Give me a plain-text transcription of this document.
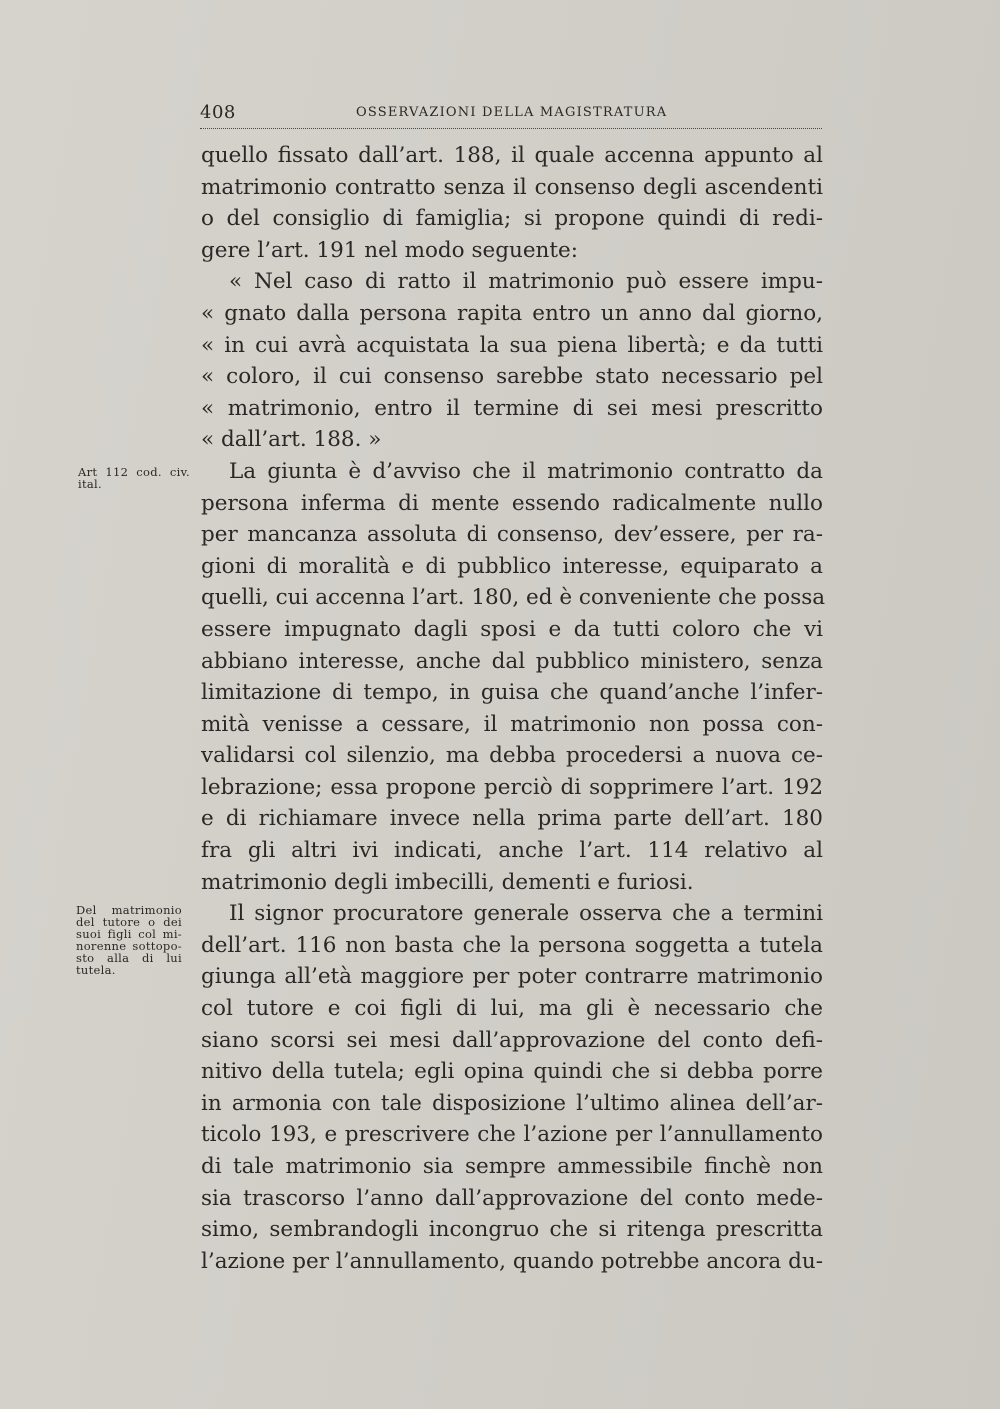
408	OSSERVAZIONI DELLA MAGISTRATURA
Art 112 cod. civ.
ital.
Del matrimonio
del tutore o dei
suoi figli col mi-
norenne sottopo-
sto alla di lui
tutela.
quello fissato dall’art. 188, il quale accenna appunto al
matrimonio contratto senza il consenso degli ascendenti
o del consiglio di famiglia; si propone quindi di redi-
gere l’art. 191 nel modo seguente:
« Nel caso di ratto il matrimonio può essere impu-
« gnato dalla persona rapita entro un anno dal giorno,
« in cui avrà acquistata la sua piena libertà; e da tutti
« coloro, il cui consenso sarebbe stato necessario pel
« matrimonio, entro il termine di sei mesi prescritto
« dall’art. 188. »
La giunta è d’avviso che il matrimonio contratto da
persona inferma di mente essendo radicalmente nullo
per mancanza assoluta di consenso, dev’essere, per ra-
gioni di moralità e di pubblico interesse, equiparato a
quelli, cui accenna l’art. 180, ed è conveniente che possa
essere impugnato dagli sposi e da tutti coloro che vi
abbiano interesse, anche dal pubblico ministero, senza
limitazione di tempo, in guisa che quand’anche l’infer-
mità venisse a cessare, il matrimonio non possa con-
validarsi col silenzio, ma debba procedersi a nuova ce-
lebrazione; essa propone perciò di sopprimere l’art. 192
e di richiamare invece nella prima parte dell’art. 180
fra gli altri ivi indicati, anche l’art. 114 relativo al
matrimonio degli imbecilli, dementi e furiosi.
Il signor procuratore generale osserva che a termini
dell’art. 116 non basta che la persona soggetta a tutela
giunga all’età maggiore per poter contrarre matrimonio
col tutore e coi figli di lui, ma gli è necessario che
siano scorsi sei mesi dall’approvazione del conto defi-
nitivo della tutela; egli opina quindi che si debba porre
in armonia con tale disposizione l’ultimo alinea dell’ar-
ticolo 193, e prescrivere che l’azione per l’annullamento
di tale matrimonio sia sempre ammessibile finchè non
sia trascorso l’anno dall’approvazione del conto mede-
simo, sembrandogli incongruo che si ritenga prescritta
l’azione per l’annullamento, quando potrebbe ancora du-
